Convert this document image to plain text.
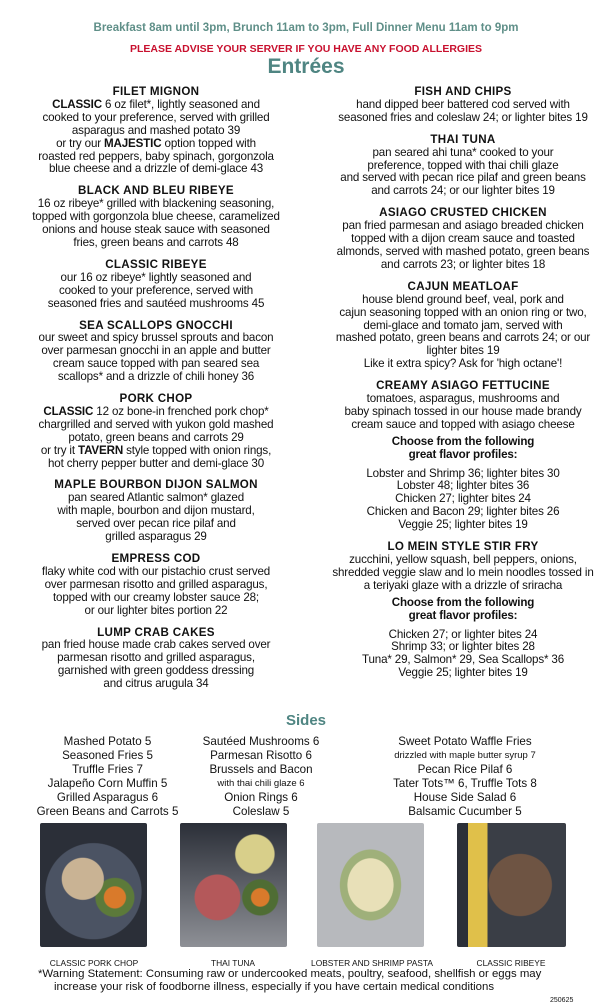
Breakfast 8am until 3pm, Brunch 11am to 3pm, Full Dinner Menu 11am to 9pm
PLEASE ADVISE YOUR SERVER IF YOU HAVE ANY FOOD ALLERGIES
Entrées
FILET MIGNON
CLASSIC 6 oz filet*, lightly seasoned and
cooked to your preference, served with grilled
asparagus and mashed potato 39
or try our MAJESTIC option topped with
roasted red peppers, baby spinach, gorgonzola
blue cheese and a drizzle of demi-glace 43
BLACK AND BLEU RIBEYE
16 oz ribeye* grilled with blackening seasoning,
topped with gorgonzola blue cheese, caramelized
onions and house steak sauce with seasoned
fries, green beans and carrots 48
CLASSIC RIBEYE
our 16 oz ribeye* lightly seasoned and
cooked to your preference, served with
seasoned fries and sautéed mushrooms 45
SEA SCALLOPS GNOCCHI
our sweet and spicy brussel sprouts and bacon
over parmesan gnocchi in an apple and butter
cream sauce topped with pan seared sea
scallops* and a drizzle of chili honey 36
PORK CHOP
CLASSIC 12 oz bone-in frenched pork chop*
chargrilled and served with yukon gold mashed
potato, green beans and carrots 29
or try it TAVERN style topped with onion rings,
hot cherry pepper butter and demi-glace 30
MAPLE BOURBON DIJON SALMON
pan seared Atlantic salmon* glazed
with maple, bourbon and dijon mustard,
served over pecan rice pilaf and
grilled asparagus 29
EMPRESS COD
flaky white cod with our pistachio crust served
over parmesan risotto and grilled asparagus,
topped with our creamy lobster sauce 28;
or our lighter bites portion 22
LUMP CRAB CAKES
pan fried house made crab cakes served over
parmesan risotto and grilled asparagus,
garnished with green goddess dressing
and citrus arugula 34
FISH AND CHIPS
hand dipped beer battered cod served with
seasoned fries and coleslaw 24; or lighter bites 19
THAI TUNA
pan seared ahi tuna* cooked to your
preference, topped with thai chili glaze
and served with pecan rice pilaf and green beans
and carrots 24; or our lighter bites 19
ASIAGO CRUSTED CHICKEN
pan fried parmesan and asiago breaded chicken
topped with a dijon cream sauce and toasted
almonds, served with mashed potato, green beans
and carrots 23; or lighter bites 18
CAJUN MEATLOAF
house blend ground beef, veal, pork and
cajun seasoning topped with an onion ring or two,
demi-glace and tomato jam, served with
mashed potato, green beans and carrots 24; or our
lighter bites 19
Like it extra spicy? Ask for 'high octane'!
CREAMY ASIAGO FETTUCINE
tomatoes, asparagus, mushrooms and
baby spinach tossed in our house made brandy
cream sauce and topped with asiago cheese
Choose from the following
great flavor profiles:
Lobster and Shrimp 36; lighter bites 30
Lobster 48; lighter bites 36
Chicken 27; lighter bites 24
Chicken and Bacon 29; lighter bites 26
Veggie 25; lighter bites 19
LO MEIN STYLE STIR FRY
zucchini, yellow squash, bell peppers, onions,
shredded veggie slaw and lo mein noodles tossed in
a teriyaki glaze with a drizzle of sriracha
Choose from the following
great flavor profiles:
Chicken 27; or lighter bites 24
Shrimp 33; or lighter bites 28
Tuna* 29, Salmon* 29, Sea Scallops* 36
Veggie 25; lighter bites 19
Sides
Mashed Potato 5
Seasoned Fries 5
Truffle Fries 7
Jalapeño Corn Muffin 5
Grilled Asparagus 6
Green Beans and Carrots 5
Sautéed Mushrooms 6
Parmesan Risotto 6
Brussels and Bacon
with thai chili glaze 6
Onion Rings 6
Coleslaw 5
Sweet Potato Waffle Fries
drizzled with maple butter syrup 7
Pecan Rice Pilaf 6
Tater Tots™ 6, Truffle Tots 8
House Side Salad 6
Balsamic Cucumber 5
CLASSIC PORK CHOP	THAI TUNA	LOBSTER AND SHRIMP PASTA	CLASSIC RIBEYE
*Warning Statement: Consuming raw or undercooked meats, poultry, seafood, shellfish or eggs may
increase your risk of foodborne illness, especially if you have certain medical conditions
250625
